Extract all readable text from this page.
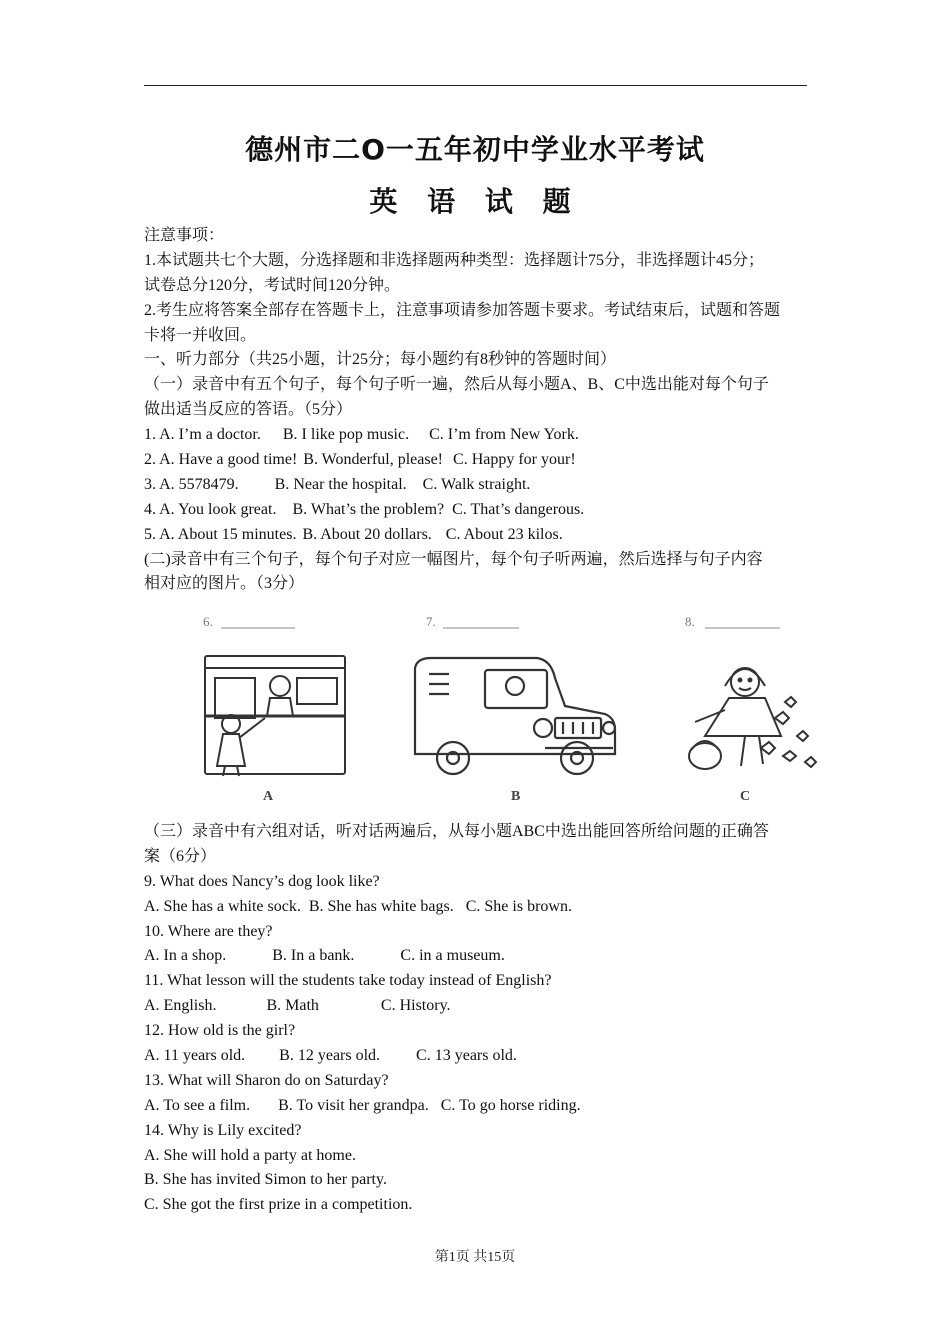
德州市二O一五年初中学业水平考试
英 语 试 题
注意事项：
1.本试题共七个大题，分选择题和非选择题两种类型：选择题计75分，非选择题计45分；
试卷总分120分，考试时间120分钟。
2.考生应将答案全部存在答题卡上，注意事项请参加答题卡要求。考试结束后，试题和答题
卡将一并收回。
一、听力部分（共25小题，计25分；每小题约有8秒钟的答题时间）
（一）录音中有五个句子，每个句子听一遍，然后从每小题A、B、C中选出能对每个句子
做出适当反应的答语。（5分）
1. A. I’m a doctor. B. I like pop music. C. I’m from New York.
2. A. Have a good time! B. Wonderful, please! C. Happy for your!
3. A. 5578479. B. Near the hospital. C. Walk straight.
4. A. You look great. B. What’s the problem? C. That’s dangerous.
5. A. About 15 minutes. B. About 20 dollars. C. About 23 kilos.
(二)录音中有三个句子，每个句子对应一幅图片，每个句子听两遍，然后选择与句子内容
相对应的图片。（3分）
6.	7.	8.
A	B	C
（三）录音中有六组对话，听对话两遍后，从每小题ABC中选出能回答所给问题的正确答
案（6分）
9. What does Nancy’s dog look like?
A. She has a white sock. B. She has white bags. C. She is brown.
10. Where are they?
A. In a shop.	B. In a bank.	C. in a museum.
11. What lesson will the students take today instead of English?
A. English.	B. Math	C. History.
12. How old is the girl?
A. 11 years old. B. 12 years old. C. 13 years old.
13. What will Sharon do on Saturday?
A. To see a film. B. To visit her grandpa. C. To go horse riding.
14. Why is Lily excited?
A. She will hold a party at home.
B. She has invited Simon to her party.
C. She got the first prize in a competition.
第1页 共15页
